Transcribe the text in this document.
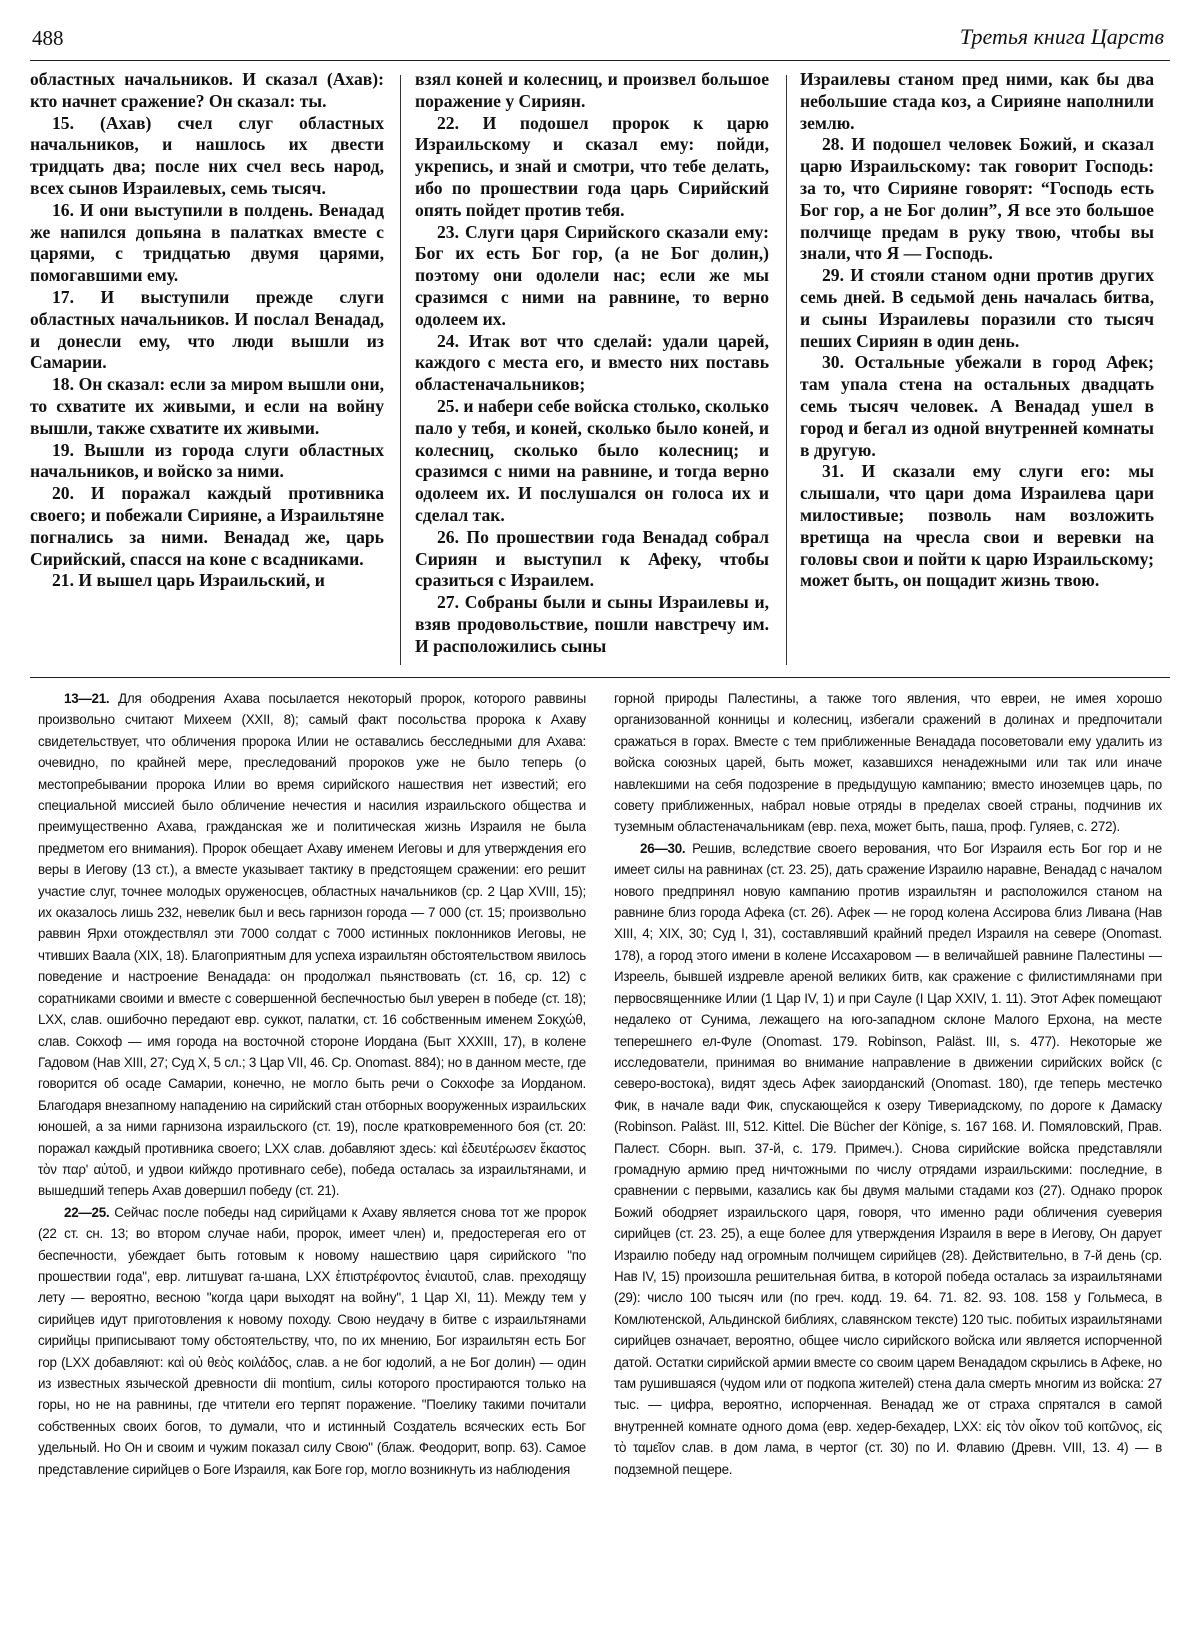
488	Третья книга Царств

областных начальников. И сказал (Ахав): кто начнет сражение? Он сказал: ты.

15. (Ахав) счел слуг областных начальников, и нашлось их двести тридцать два; после них счел весь народ, всех сынов Израилевых, семь тысяч.

16. И они выступили в полдень. Венадад же напился допьяна в палатках вместе с царями, с тридцатью двумя царями, помогавшими ему.

17. И выступили прежде слуги областных начальников. И послал Венадад, и донесли ему, что люди вышли из Самарии.

18. Он сказал: если за миром вышли они, то схватите их живыми, и если на войну вышли, также схватите их живыми.

19. Вышли из города слуги областных начальников, и войско за ними.

20. И поражал каждый противника своего; и побежали Сирияне, а Израильтяне погнались за ними. Венадад же, царь Сирийский, спасся на коне с всадниками.

21. И вышел царь Израильский, и

взял коней и колесниц, и произвел большое поражение у Сириян.

22. И подошел пророк к царю Израильскому и сказал ему: пойди, укрепись, и знай и смотри, что тебе делать, ибо по прошествии года царь Сирийский опять пойдет против тебя.

23. Слуги царя Сирийского сказали ему: Бог их есть Бог гор, (а не Бог долин,) поэтому они одолели нас; если же мы сразимся с ними на равнине, то верно одолеем их.

24. Итак вот что сделай: удали царей, каждого с места его, и вместо них поставь областеначальников;

25. и набери себе войска столько, сколько пало у тебя, и коней, сколько было коней, и колесниц, сколько было колесниц; и сразимся с ними на равнине, и тогда верно одолеем их. И послушался он голоса их и сделал так.

26. По прошествии года Венадад собрал Сириян и выступил к Афеку, чтобы сразиться с Израилем.

27. Собраны были и сыны Израилевы и, взяв продовольствие, пошли навстречу им. И расположились сыны

Израилевы станом пред ними, как бы два небольшие стада коз, а Сирияне наполнили землю.

28. И подошел человек Божий, и сказал царю Израильскому: так говорит Господь: за то, что Сирияне говорят: “Господь есть Бог гор, а не Бог долин”, Я все это большое полчище предам в руку твою, чтобы вы знали, что Я — Господь.

29. И стояли станом одни против других семь дней. В седьмой день началась битва, и сыны Израилевы поразили сто тысяч пеших Сириян в один день.

30. Остальные убежали в город Афек; там упала стена на остальных двадцать семь тысяч человек. А Венадад ушел в город и бегал из одной внутренней комнаты в другую.

31. И сказали ему слуги его: мы слышали, что цари дома Израилева цари милостивые; позволь нам возложить вретища на чресла свои и веревки на головы свои и пойти к царю Израильскому; может быть, он пощадит жизнь твою.

13—21. Для ободрения Ахава посылается некоторый пророк, которого раввины произвольно считают Михеем (XXII, 8); самый факт посольства пророка к Ахаву свидетельствует, что обличения пророка Илии не оставались бесследными для Ахава: очевидно, по крайней мере, преследований пророков уже не было теперь (о местопребывании пророка Илии во время сирийского нашествия нет известий; его специальной миссией было обличение нечестия и насилия израильского общества и преимущественно Ахава, гражданская же и политическая жизнь Израиля не была предметом его внимания). Пророк обещает Ахаву именем Иеговы и для утверждения его веры в Иегову (13 ст.), а вместе указывает тактику в предстоящем сражении: его решит участие слуг, точнее молодых оруженосцев, областных начальников (ср. 2 Цар XVIII, 15); их оказалось лишь 232, невелик был и весь гарнизон города — 7 000 (ст. 15; произвольно раввин Ярхи отождествлял эти 7000 солдат с 7000 истинных поклонников Иеговы, не чтивших Ваала (XIX, 18). Благоприятным для успеха израильтян обстоятельством явилось поведение и настроение Венадада: он продолжал пьянствовать (ст. 16, ср. 12) с соратниками своими и вместе с совершенной беспечностью был уверен в победе (ст. 18); LXX, слав. ошибочно передают евр. суккот, палатки, ст. 16 собственным именем Σοκχώθ, слав. Сокхоф — имя города на восточной стороне Иордана (Быт XXXIII, 17), в колене Гадовом (Нав XIII, 27; Суд X, 5 сл.; 3 Цар VII, 46. Ср. Onomast. 884); но в данном месте, где говорится об осаде Самарии, конечно, не могло быть речи о Сокхофе за Иорданом. Благодаря внезапному нападению на сирийский стан отборных вооруженных израильских юношей, а за ними гарнизона израильского (ст. 19), после кратковременного боя (ст. 20: поражал каждый противника своего; LXX слав. добавляют здесь: καὶ ἐδευτέρωσεν ἕκαστος τὸν παρ' αὐτοῦ, и удвои кийждо противнаго себе), победа осталась за израильтянами, и вышедший теперь Ахав довершил победу (ст. 21).

22—25. Сейчас после победы над сирийцами к Ахаву является снова тот же пророк (22 ст. сн. 13; во втором случае наби, пророк, имеет член) и, предостерегая его от беспечности, убеждает быть готовым к новому нашествию царя сирийского "по прошествии года", евр. литшуват га-шана, LXX ἐπιστρέφοντος ἐνιαυτοῦ, слав. преходящу лету — вероятно, весною "когда цари выходят на войну", 1 Цар XI, 11). Между тем у сирийцев идут приготовления к новому походу. Свою неудачу в битве с израильтянами сирийцы приписывают тому обстоятельству, что, по их мнению, Бог израильтян есть Бог гор (LXX добавляют: καὶ οὐ θεὸς κοιλάδος, слав. а не бог юдолий, а не Бог долин) — один из известных языческой древности dii montium, силы которого простираются только на горы, но не на равнины, где чтители его терпят поражение. "Поелику такими почитали собственных своих богов, то думали, что и истинный Создатель всяческих есть Бог удельный. Но Он и своим и чужим показал силу Свою" (блаж. Феодорит, вопр. 63). Самое представление сирийцев о Боге Израиля, как Боге гор, могло возникнуть из наблюдения

горной природы Палестины, а также того явления, что евреи, не имея хорошо организованной конницы и колесниц, избегали сражений в долинах и предпочитали сражаться в горах. Вместе с тем приближенные Венадада посоветовали ему удалить из войска союзных царей, быть может, казавшихся ненадежными или так или иначе навлекшими на себя подозрение в предыдущую кампанию; вместо иноземцев царь, по совету приближенных, набрал новые отряды в пределах своей страны, подчинив их туземным областеначальникам (евр. пеха, может быть, паша, проф. Гуляев, с. 272).

26—30. Решив, вследствие своего верования, что Бог Израиля есть Бог гор и не имеет силы на равнинах (ст. 23. 25), дать сражение Израилю наравне, Венадад с началом нового предпринял новую кампанию против израильтян и расположился станом на равнине близ города Афека (ст. 26). Афек — не город колена Ассирова близ Ливана (Нав XIII, 4; XIX, 30; Суд I, 31), составлявший крайний предел Израиля на севере (Onomast. 178), а город этого имени в колене Иссахаровом — в величайшей равнине Палестины — Изреель, бывшей издревле ареной великих битв, как сражение с филистимлянами при первосвященнике Илии (1 Цар IV, 1) и при Сауле (I Цар XXIV, 1. 11). Этот Афек помещают недалеко от Сунима, лежащего на юго-западном склоне Малого Ерхона, на месте теперешнего ел-Фуле (Onomast. 179. Robinson, Paläst. III, s. 477). Некоторые же исследователи, принимая во внимание направление в движении сирийских войск (с северо-востока), видят здесь Афек заиорданский (Onomast. 180), где теперь местечко Фик, в начале вади Фик, спускающейся к озеру Тивериадскому, по дороге к Дамаску (Robinson. Paläst. III, 512. Kittel. Die Bücher der Könige, s. 167 168. И. Помяловский, Прав. Палест. Сборн. вып. 37-й, с. 179. Примеч.). Снова сирийские войска представляли громадную армию пред ничтожными по числу отрядами израильскими: последние, в сравнении с первыми, казались как бы двумя малыми стадами коз (27). Однако пророк Божий ободряет израильского царя, говоря, что именно ради обличения суеверия сирийцев (ст. 23. 25), а еще более для утверждения Израиля в вере в Иегову, Он дарует Израилю победу над огромным полчищем сирийцев (28). Действительно, в 7-й день (ср. Нав IV, 15) произошла решительная битва, в которой победа осталась за израильтянами (29): число 100 тысяч или (по греч. кодд. 19. 64. 71. 82. 93. 108. 158 у Гольмеса, в Комлютенской, Альдинской библиях, славянском тексте) 120 тыс. побитых израильтянами сирийцев означает, вероятно, общее число сирийского войска или является испорченной датой. Остатки сирийской армии вместе со своим царем Венададом скрылись в Афеке, но там рушившаяся (чудом или от подкопа жителей) стена дала смерть многим из войска: 27 тыс. — цифра, вероятно, испорченная. Венадад же от страха спрятался в самой внутренней комнате одного дома (евр. хедер-бехадер, LXX: εἰς τὸν οἶκον τοῦ κοιτῶνος, εἰς τὸ ταμεῖον слав. в дом лама, в чертог (ст. 30) по И. Флавию (Древн. VIII, 13. 4) — в подземной пещере.
